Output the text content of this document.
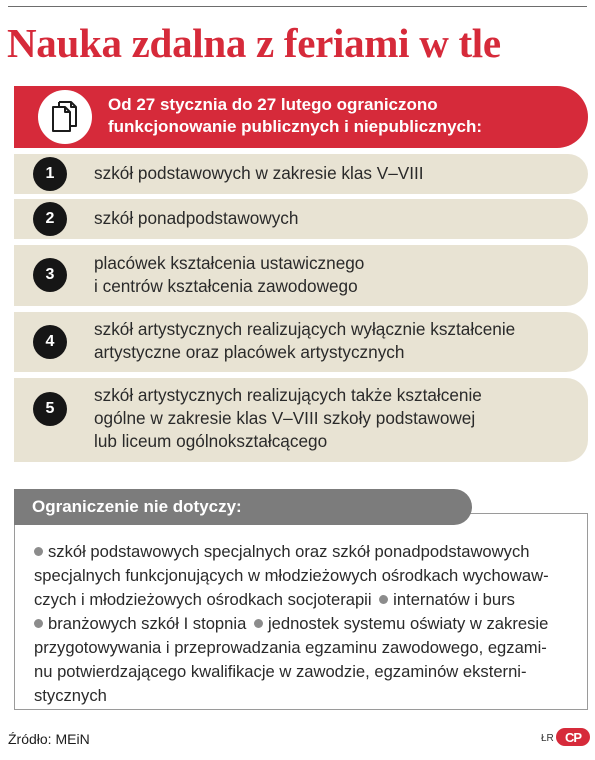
Nauka zdalna z feriami w tle
Od 27 stycznia do 27 lutego ograniczono
funkcjonowanie publicznych i niepublicznych:
1	szkół podstawowych w zakresie klas V–VIII
2	szkół ponadpodstawowych
3
placówek kształcenia ustawicznego
i centrów kształcenia zawodowego
4
szkół artystycznych realizujących wyłącznie kształcenie
artystyczne oraz placówek artystycznych
5
szkół artystycznych realizujących także kształcenie
ogólne w zakresie klas V–VIII szkoły podstawowej
lub liceum ogólnokształcącego
Ograniczenie nie dotyczy:
szkół podstawowych specjalnych oraz szkół ponadpodstawowych
specjalnych funkcjonujących w młodzieżowych ośrodkach wychowaw-
czych i młodzieżowych ośrodkach socjoterapii internatów i burs
branżowych szkół I stopnia jednostek systemu oświaty w zakresie
przygotowywania i przeprowadzania egzaminu zawodowego, egzami-
nu potwierdzającego kwalifikacje w zawodzie, egzaminów eksterni-
stycznych
Źródło: MEiN	ŁR CP
